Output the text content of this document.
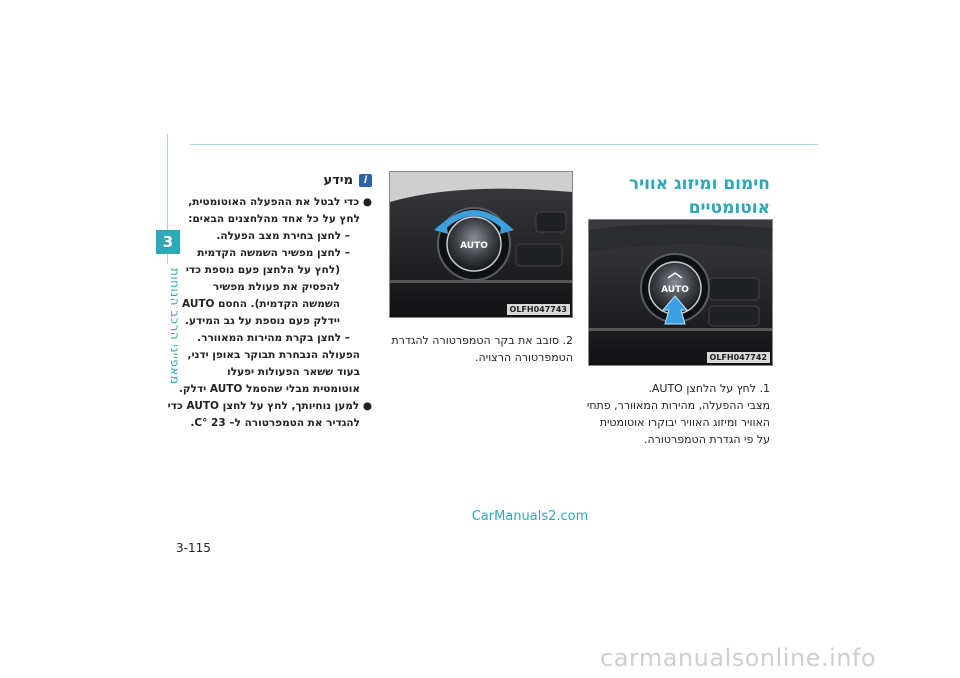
3
מאפייני הרכב הנוחות
חימום ומיזוג אוויר
אוטומטיים
AUTO
OLFH047742
1. לחץ על הלחצן AUTO.
מצבי ההפעלה, מהירות המאוורר, פתחי
האוויר ומיזוג האוויר יבוקרו אוטומטית
על פי הגדרת הטמפרטורה.
AUTO
OLFH047743
2. סובב את בקר הטמפרטורה להגדרת
הטמפרטורה הרצויה.
i
מידע
● כדי לבטל את ההפעלה האוטומטית,
לחץ על כל אחד מהלחצנים הבאים:
– לחצן בחירת מצב הפעלה.
– לחצן מפשיר השמשה הקדמית
(לחץ על הלחצן פעם נוספת כדי
להפסיק את פעולת מפשיר
השמשה הקדמית). החסם AUTO
יידלק פעם נוספת על גב המידע.
– לחצן בקרת מהירות המאוורר.
הפעולה הנבחרת תבוקר באופן ידני,
בעוד ששאר הפעולות יפעלו
אוטומטית מבלי שהסמל AUTO ידלק.
● למען נוחיותך, לחץ על לחצן AUTO כדי
להגדיר את הטמפרטורה ל– 23 °C.
CarManuals2.com
3-115
carmanualsonline.info
